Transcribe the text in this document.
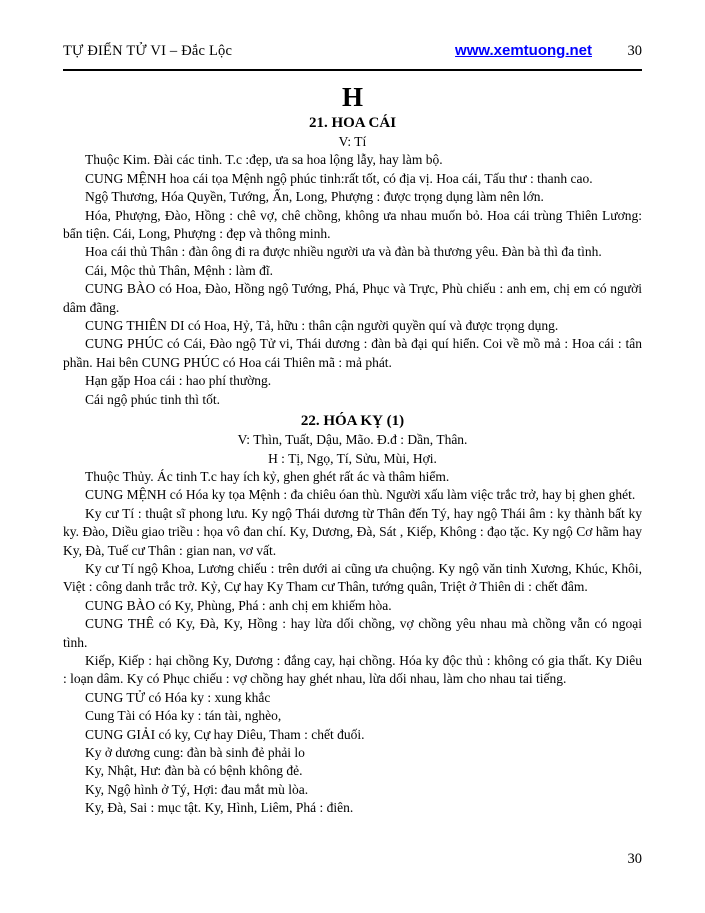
TỰ ĐIỂN TỬ VI – Đắc Lộc	www.xemtuong.net	30
H
21. HOA CÁI
V: Tí

Thuộc Kim. Đài các tinh. T.c :đẹp, ưa sa hoa lộng lẫy, hay làm bộ.

CUNG MỆNH hoa cái tọa Mệnh ngộ phúc tinh:rất tốt, có địa vị. Hoa cái, Tấu thư : thanh cao.

Ngộ Thương, Hóa Quyền, Tướng, Ấn, Long, Phượng : được trọng dụng làm nên lớn.

Hóa, Phượng, Đào, Hồng : chê vợ, chê chồng, không ưa nhau muốn bỏ. Hoa cái trùng Thiên Lương: bẩn tiện. Cái, Long, Phượng : đẹp và thông minh.

Hoa cái thủ Thân : đàn ông đi ra được nhiều người ưa và đàn bà thương yêu. Đàn bà thì đa tình.

Cái, Mộc thủ Thân, Mệnh : làm đĩ.

CUNG BÀO có Hoa, Đào, Hồng ngộ Tướng, Phá, Phục và Trực, Phù chiếu : anh em, chị em có người dâm đãng.

CUNG THIÊN DI có Hoa, Hỷ, Tả, hữu : thân cận người quyền quí và được trọng dụng.

CUNG PHÚC có Cái, Đào ngộ Tử vi, Thái dương : đàn bà đại quí hiển. Coi về mồ mả : Hoa cái : tân phần. Hai bên CUNG PHÚC có Hoa cái Thiên mã : mả phát.

Hạn gặp Hoa cái : hao phí thường.

Cái ngộ phúc tinh thì tốt.

22. HÓA KỴ (1)
V: Thìn, Tuất, Dậu, Mão. Đ.đ : Dần, Thân.
H : Tị, Ngọ, Tí, Sửu, Mùi, Hợi.

Thuộc Thủy. Ác tinh T.c hay ích kỷ, ghen ghét rất ác và thâm hiểm.

CUNG MỆNH có Hóa ky tọa Mệnh : đa chiêu óan thù. Người xấu làm việc trắc trở, hay bị ghen ghét.

Ky cư Tí : thuật sĩ phong lưu. Ky ngộ Thái dương từ Thân đến Tý, hay ngộ Thái âm : ky thành bất ky ky. Đào, Diều giao triều : họa vô đan chí. Ky, Dương, Đà, Sát , Kiếp, Không : đạo tặc. Ky ngộ Cơ hãm hay Ky, Đà, Tuế cư Thân : gian nan, vơ vất.

Ky cư Tí ngộ Khoa, Lương chiếu : trên dưới ai cũng ưa chuộng. Ky ngộ văn tinh Xương, Khúc, Khôi, Việt : công danh trắc trở. Kỷ, Cự hay Ky Tham cư Thân, tướng quân, Triệt ở Thiên di : chết đâm.

CUNG BÀO có Ky, Phùng, Phá : anh chị em khiếm hòa.

CUNG THÊ có Ky, Đà, Ky, Hồng : hay lừa dối chồng, vợ chồng yêu nhau mà chồng vẫn có ngoại tình.

Kiếp, Kiếp : hại chồng Ky, Dương : đắng cay, hại chồng. Hóa ky độc thủ : không có gia thất. Ky Diêu : loạn dâm. Ky có Phục chiếu : vợ chồng hay ghét nhau, lừa dối nhau, làm cho nhau tai tiếng.

CUNG TỬ có Hóa ky : xung khắc

Cung Tài có Hóa ky : tán tài, nghèo,

CUNG GIẢI có ky, Cự hay Diêu, Tham : chết đuối.

Ky ở dương cung: đàn bà sinh đẻ phải lo

Ky, Nhật, Hư: đàn bà có bệnh không đẻ.

Ky, Ngộ hình ở Tý, Hợi: đau mắt mù lòa.

Ky, Đà, Sai : mục tật. Ky, Hình, Liêm, Phá : điên.

30
